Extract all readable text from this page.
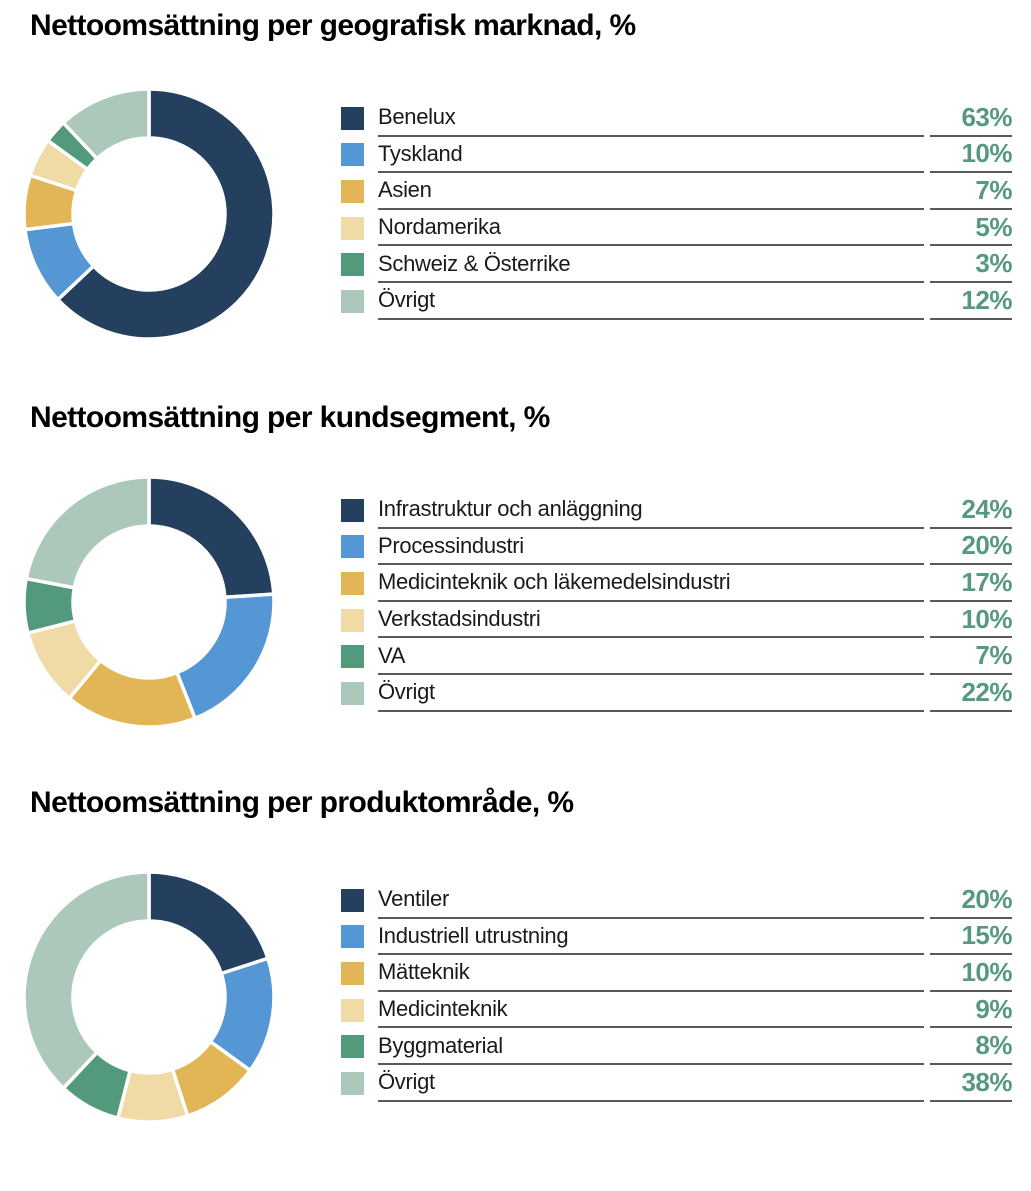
Nettoomsättning per geografisk marknad, %
Benelux	63%
Tyskland	10%
Asien	7%
Nordamerika	5%
Schweiz & Österrike	3%
Övrigt	12%
Nettoomsättning per kundsegment, %
Infrastruktur och anläggning	24%
Processindustri	20%
Medicinteknik och läkemedelsindustri	17%
Verkstadsindustri	10%
VA	7%
Övrigt	22%
Nettoomsättning per produktområde, %
Ventiler	20%
Industriell utrustning	15%
Mätteknik	10%
Medicinteknik	9%
Byggmaterial	8%
Övrigt	38%
